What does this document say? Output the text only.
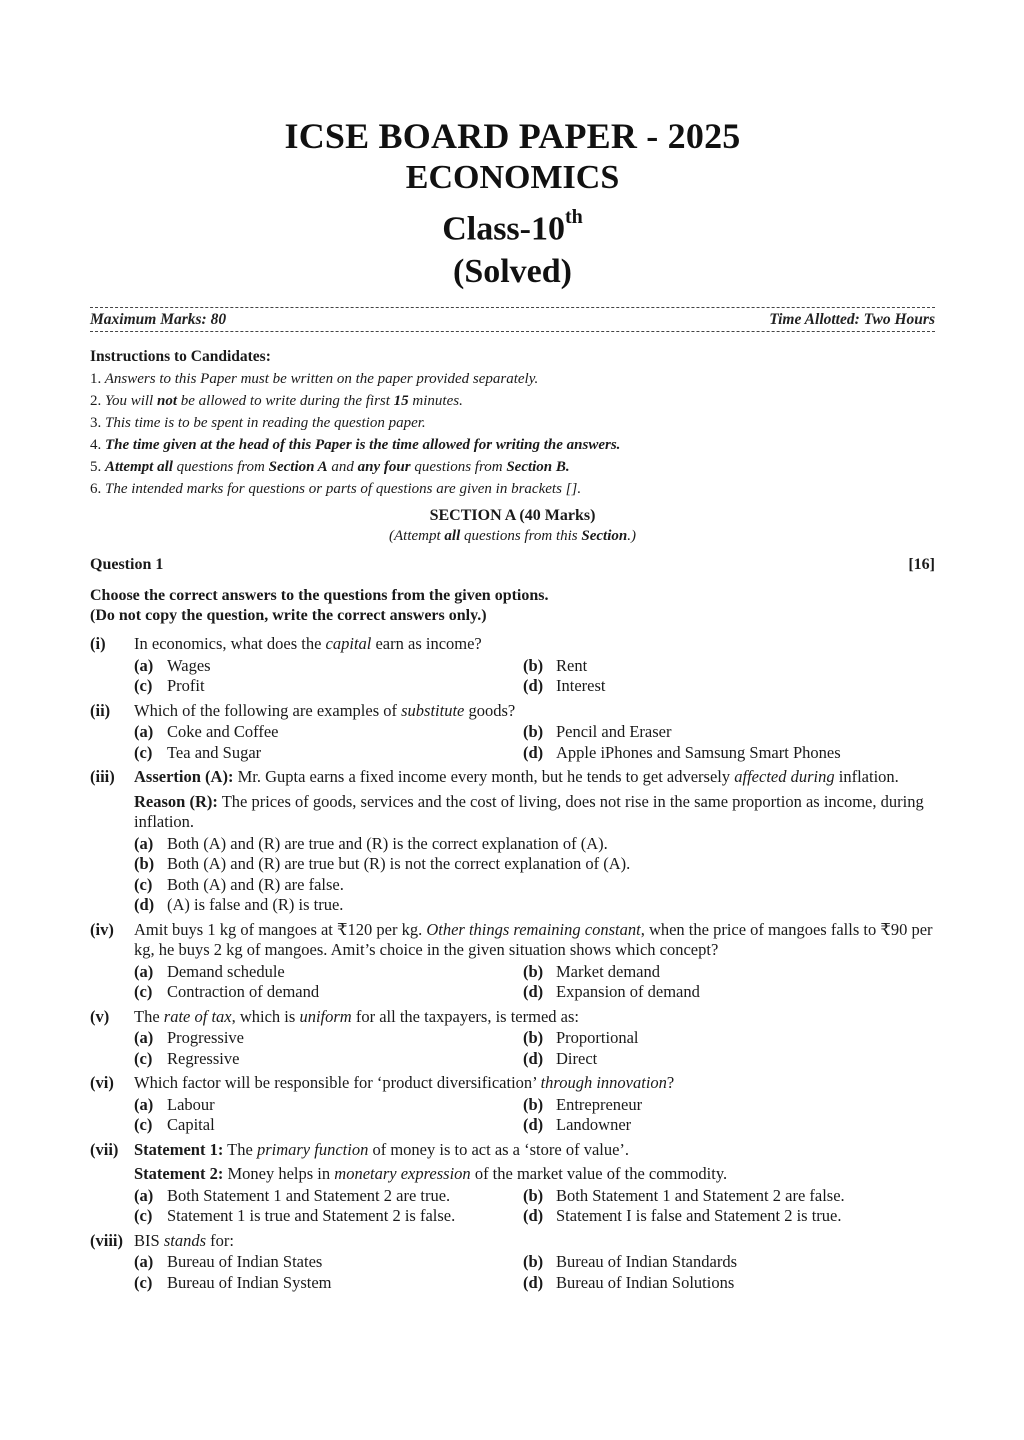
ICSE BOARD PAPER - 2025
ECONOMICS
Class-10th
(Solved)
Maximum Marks: 80	Time Allotted: Two Hours
Instructions to Candidates:
1. Answers to this Paper must be written on the paper provided separately.
2. You will not be allowed to write during the first 15 minutes.
3. This time is to be spent in reading the question paper.
4. The time given at the head of this Paper is the time allowed for writing the answers.
5. Attempt all questions from Section A and any four questions from Section B.
6. The intended marks for questions or parts of questions are given in brackets [].
SECTION A (40 Marks)
(Attempt all questions from this Section.)
Question 1	[16]
Choose the correct answers to the questions from the given options.
(Do not copy the question, write the correct answers only.)
(i)	In economics, what does the capital earn as income?
(a) Wages	(b) Rent
(c) Profit	(d) Interest
(ii)	Which of the following are examples of substitute goods?
(a) Coke and Coffee	(b) Pencil and Eraser
(c) Tea and Sugar	(d) Apple iPhones and Samsung Smart Phones
(iii)	Assertion (A): Mr. Gupta earns a fixed income every month, but he tends to get adversely affected during inflation.
Reason (R): The prices of goods, services and the cost of living, does not rise in the same proportion as income, during inflation.
(a) Both (A) and (R) are true and (R) is the correct explanation of (A).
(b) Both (A) and (R) are true but (R) is not the correct explanation of (A).
(c) Both (A) and (R) are false.
(d) (A) is false and (R) is true.
(iv)	Amit buys 1 kg of mangoes at ₹120 per kg. Other things remaining constant, when the price of mangoes falls to ₹90 per kg, he buys 2 kg of mangoes. Amit’s choice in the given situation shows which concept?
(a) Demand schedule	(b) Market demand
(c) Contraction of demand	(d) Expansion of demand
(v)	The rate of tax, which is uniform for all the taxpayers, is termed as:
(a) Progressive	(b) Proportional
(c) Regressive	(d) Direct
(vi)	Which factor will be responsible for ‘product diversification’ through innovation?
(a) Labour	(b) Entrepreneur
(c) Capital	(d) Landowner
(vii) Statement 1: The primary function of money is to act as a ‘store of value’.
Statement 2: Money helps in monetary expression of the market value of the commodity.
(a) Both Statement 1 and Statement 2 are true.	(b) Both Statement 1 and Statement 2 are false.
(c) Statement 1 is true and Statement 2 is false.	(d) Statement I is false and Statement 2 is true.
(viii) BIS stands for:
(a) Bureau of Indian States	(b) Bureau of Indian Standards
(c) Bureau of Indian System	(d) Bureau of Indian Solutions
